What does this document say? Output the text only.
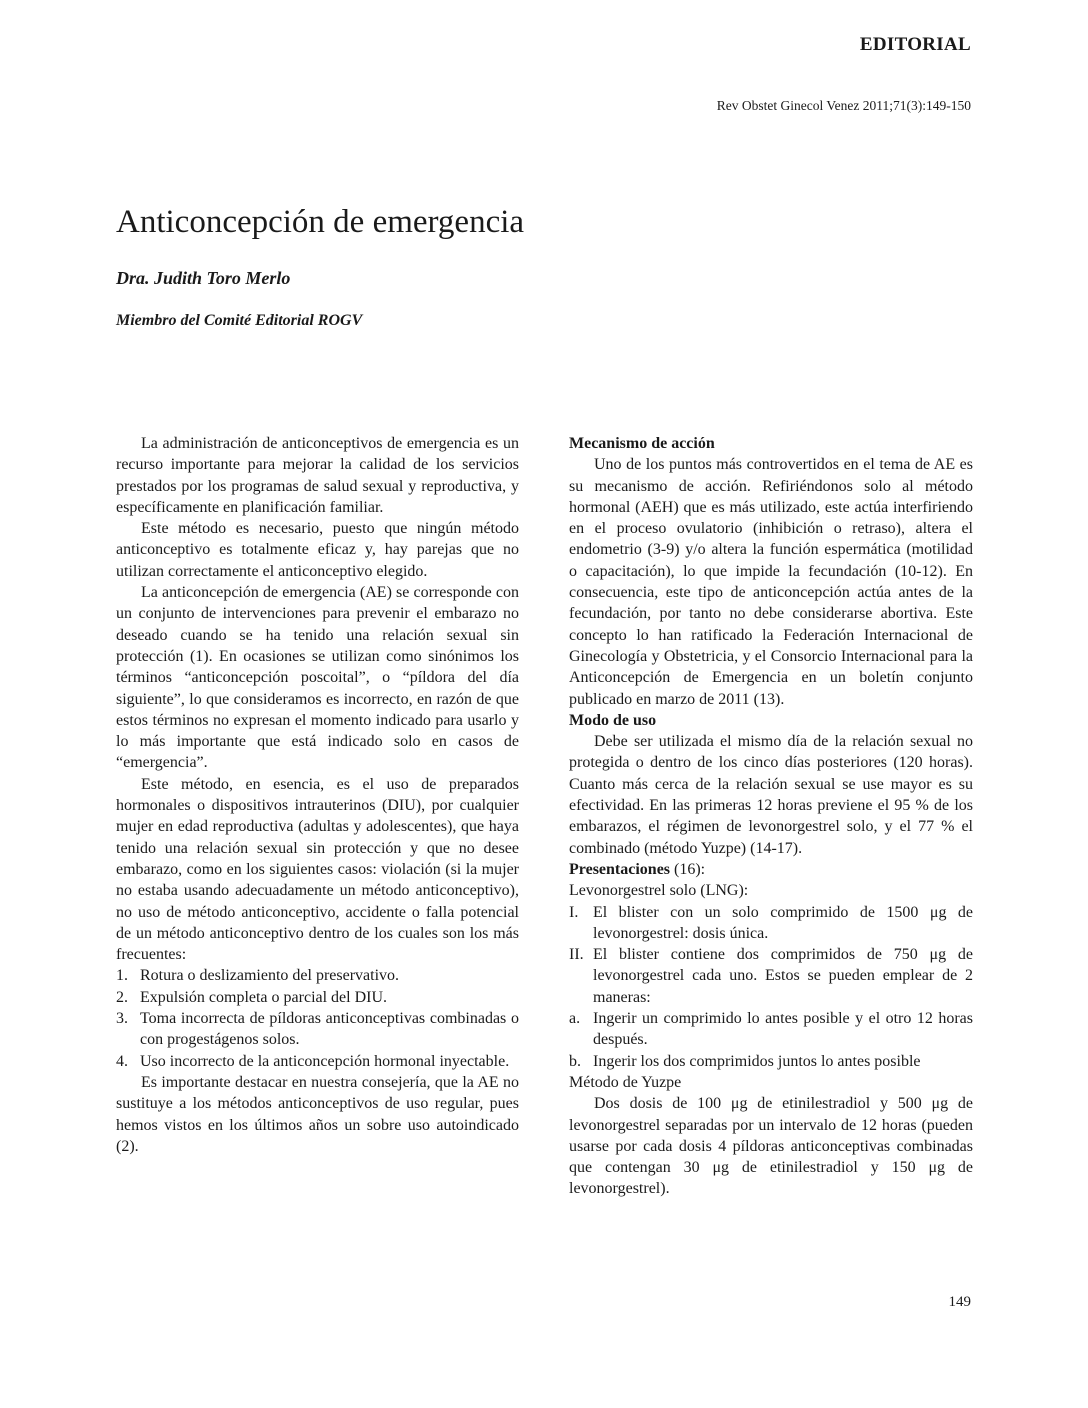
EDITORIAL
Rev Obstet Ginecol Venez 2011;71(3):149-150
Anticoncepción de emergencia
Dra. Judith Toro Merlo
Miembro del Comité Editorial ROGV

La administración de anticonceptivos de emergencia es un recurso importante para mejorar la calidad de los servicios prestados por los programas de salud sexual y reproductiva, y específicamente en planificación familiar.

Este método es necesario, puesto que ningún método anticonceptivo es totalmente eficaz y, hay parejas que no utilizan correctamente el anticonceptivo elegido.

La anticoncepción de emergencia (AE) se corresponde con un conjunto de intervenciones para prevenir el embarazo no deseado cuando se ha tenido una relación sexual sin protección (1). En ocasiones se utilizan como sinónimos los términos “anticoncepción poscoital”, o “píldora del día siguiente”, lo que consideramos es incorrecto, en razón de que estos términos no expresan el momento indicado para usarlo y lo más importante que está indicado solo en casos de “emergencia”.

Este método, en esencia, es el uso de preparados hormonales o dispositivos intrauterinos (DIU), por cualquier mujer en edad reproductiva (adultas y adolescentes), que haya tenido una relación sexual sin protección y que no desee embarazo, como en los siguientes casos: violación (si la mujer no estaba usando adecuadamente un método anticonceptivo), no uso de método anticonceptivo, accidente o falla potencial de un método anticonceptivo dentro de los cuales son los más frecuentes:

1. Rotura o deslizamiento del preservativo.
2. Expulsión completa o parcial del DIU.
3. Toma incorrecta de píldoras anticonceptivas combinadas o con progestágenos solos.
4. Uso incorrecto de la anticoncepción hormonal inyectable.

Es importante destacar en nuestra consejería, que la AE no sustituye a los métodos anticonceptivos de uso regular, pues hemos vistos en los últimos años un sobre uso autoindicado (2).

Mecanismo de acción

Uno de los puntos más controvertidos en el tema de AE es su mecanismo de acción. Refiriéndonos solo al método hormonal (AEH) que es más utilizado, este actúa interfiriendo en el proceso ovulatorio (inhibición o retraso), altera el endometrio (3-9) y/o altera la función espermática (motilidad o capacitación), lo que impide la fecundación (10-12). En consecuencia, este tipo de anticoncepción actúa antes de la fecundación, por tanto no debe considerarse abortiva. Este concepto lo han ratificado la Federación Internacional de Ginecología y Obstetricia, y el Consorcio Internacional para la Anticoncepción de Emergencia en un boletín conjunto publicado en marzo de 2011 (13).

Modo de uso

Debe ser utilizada el mismo día de la relación sexual no protegida o dentro de los cinco días posteriores (120 horas). Cuanto más cerca de la relación sexual se use mayor es su efectividad. En las primeras 12 horas previene el 95 % de los embarazos, el régimen de levonorgestrel solo, y el 77 % el combinado (método Yuzpe) (14-17).

Presentaciones (16):
Levonorgestrel solo (LNG):
I. El blister con un solo comprimido de 1500 μg de levonorgestrel: dosis única.
II. El blister contiene dos comprimidos de 750 μg de levonorgestrel cada uno. Estos se pueden emplear de 2 maneras:
a. Ingerir un comprimido lo antes posible y el otro 12 horas después.
b. Ingerir los dos comprimidos juntos lo antes posible
Método de Yuzpe

Dos dosis de 100 μg de etinilestradiol y 500 μg de levonorgestrel separadas por un intervalo de 12 horas (pueden usarse por cada dosis 4 píldoras anticonceptivas combinadas que contengan 30 μg de etinilestradiol y 150 μg de levonorgestrel).

149
